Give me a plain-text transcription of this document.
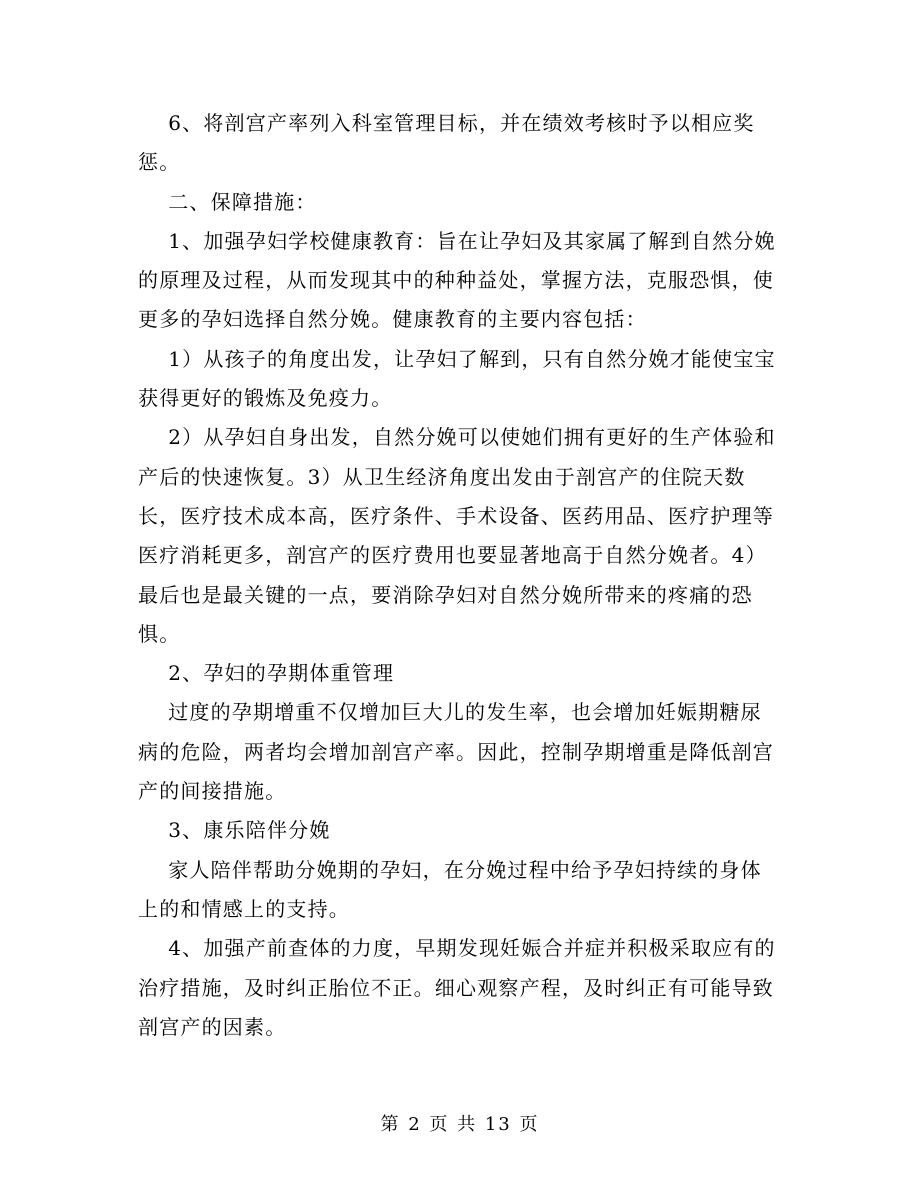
6、将剖宫产率列入科室管理目标，并在绩效考核时予以相应奖惩。

二、保障措施：

1、加强孕妇学校健康教育：旨在让孕妇及其家属了解到自然分娩的原理及过程，从而发现其中的种种益处，掌握方法，克服恐惧，使更多的孕妇选择自然分娩。健康教育的主要内容包括：

1）从孩子的角度出发，让孕妇了解到，只有自然分娩才能使宝宝获得更好的锻炼及免疫力。

2）从孕妇自身出发，自然分娩可以使她们拥有更好的生产体验和产后的快速恢复。3）从卫生经济角度出发由于剖宫产的住院天数长，医疗技术成本高，医疗条件、手术设备、医药用品、医疗护理等医疗消耗更多，剖宫产的医疗费用也要显著地高于自然分娩者。4）最后也是最关键的一点，要消除孕妇对自然分娩所带来的疼痛的恐惧。

2、孕妇的孕期体重管理

过度的孕期增重不仅增加巨大儿的发生率，也会增加妊娠期糖尿病的危险，两者均会增加剖宫产率。因此，控制孕期增重是降低剖宫产的间接措施。

3、康乐陪伴分娩

家人陪伴帮助分娩期的孕妇，在分娩过程中给予孕妇持续的身体上的和情感上的支持。

4、加强产前查体的力度，早期发现妊娠合并症并积极采取应有的治疗措施，及时纠正胎位不正。细心观察产程，及时纠正有可能导致剖宫产的因素。

第 2 页 共 13 页
